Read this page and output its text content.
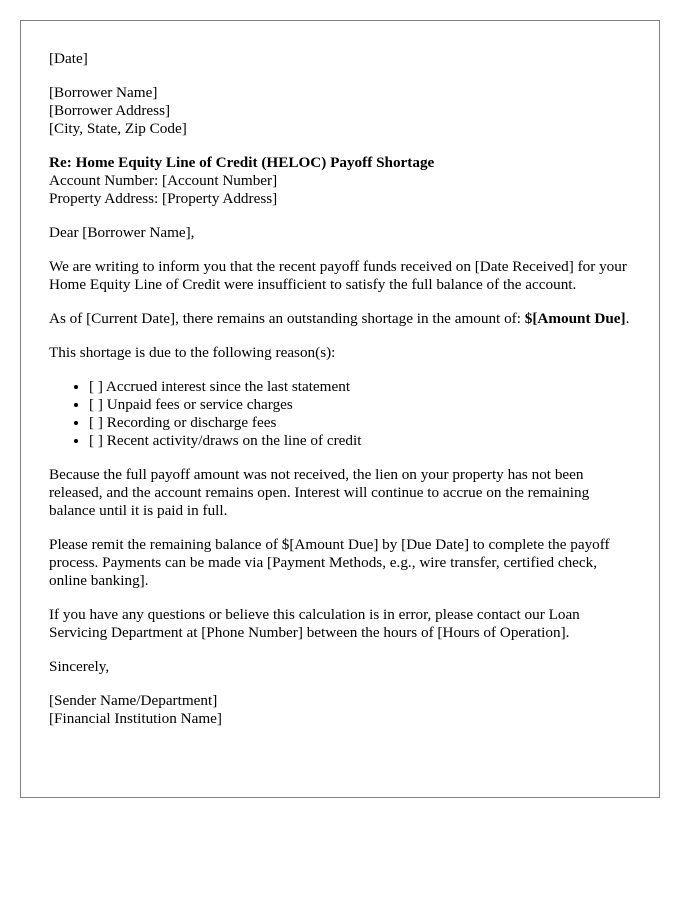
[Date]

[Borrower Name]
[Borrower Address]
[City, State, Zip Code]
Re: Home Equity Line of Credit (HELOC) Payoff Shortage
Account Number: [Account Number]
Property Address: [Property Address]

Dear [Borrower Name],

We are writing to inform you that the recent payoff funds received on [Date Received] for your Home Equity Line of Credit were insufficient to satisfy the full balance of the account.

As of [Current Date], there remains an outstanding shortage in the amount of: $[Amount Due].

This shortage is due to the following reason(s):

• [ ] Accrued interest since the last statement
• [ ] Unpaid fees or service charges
• [ ] Recording or discharge fees
• [ ] Recent activity/draws on the line of credit

Because the full payoff amount was not received, the lien on your property has not been released, and the account remains open. Interest will continue to accrue on the remaining balance until it is paid in full.

Please remit the remaining balance of $[Amount Due] by [Due Date] to complete the payoff process. Payments can be made via [Payment Methods, e.g., wire transfer, certified check, online banking].

If you have any questions or believe this calculation is in error, please contact our Loan Servicing Department at [Phone Number] between the hours of [Hours of Operation].

Sincerely,

[Sender Name/Department]
[Financial Institution Name]
